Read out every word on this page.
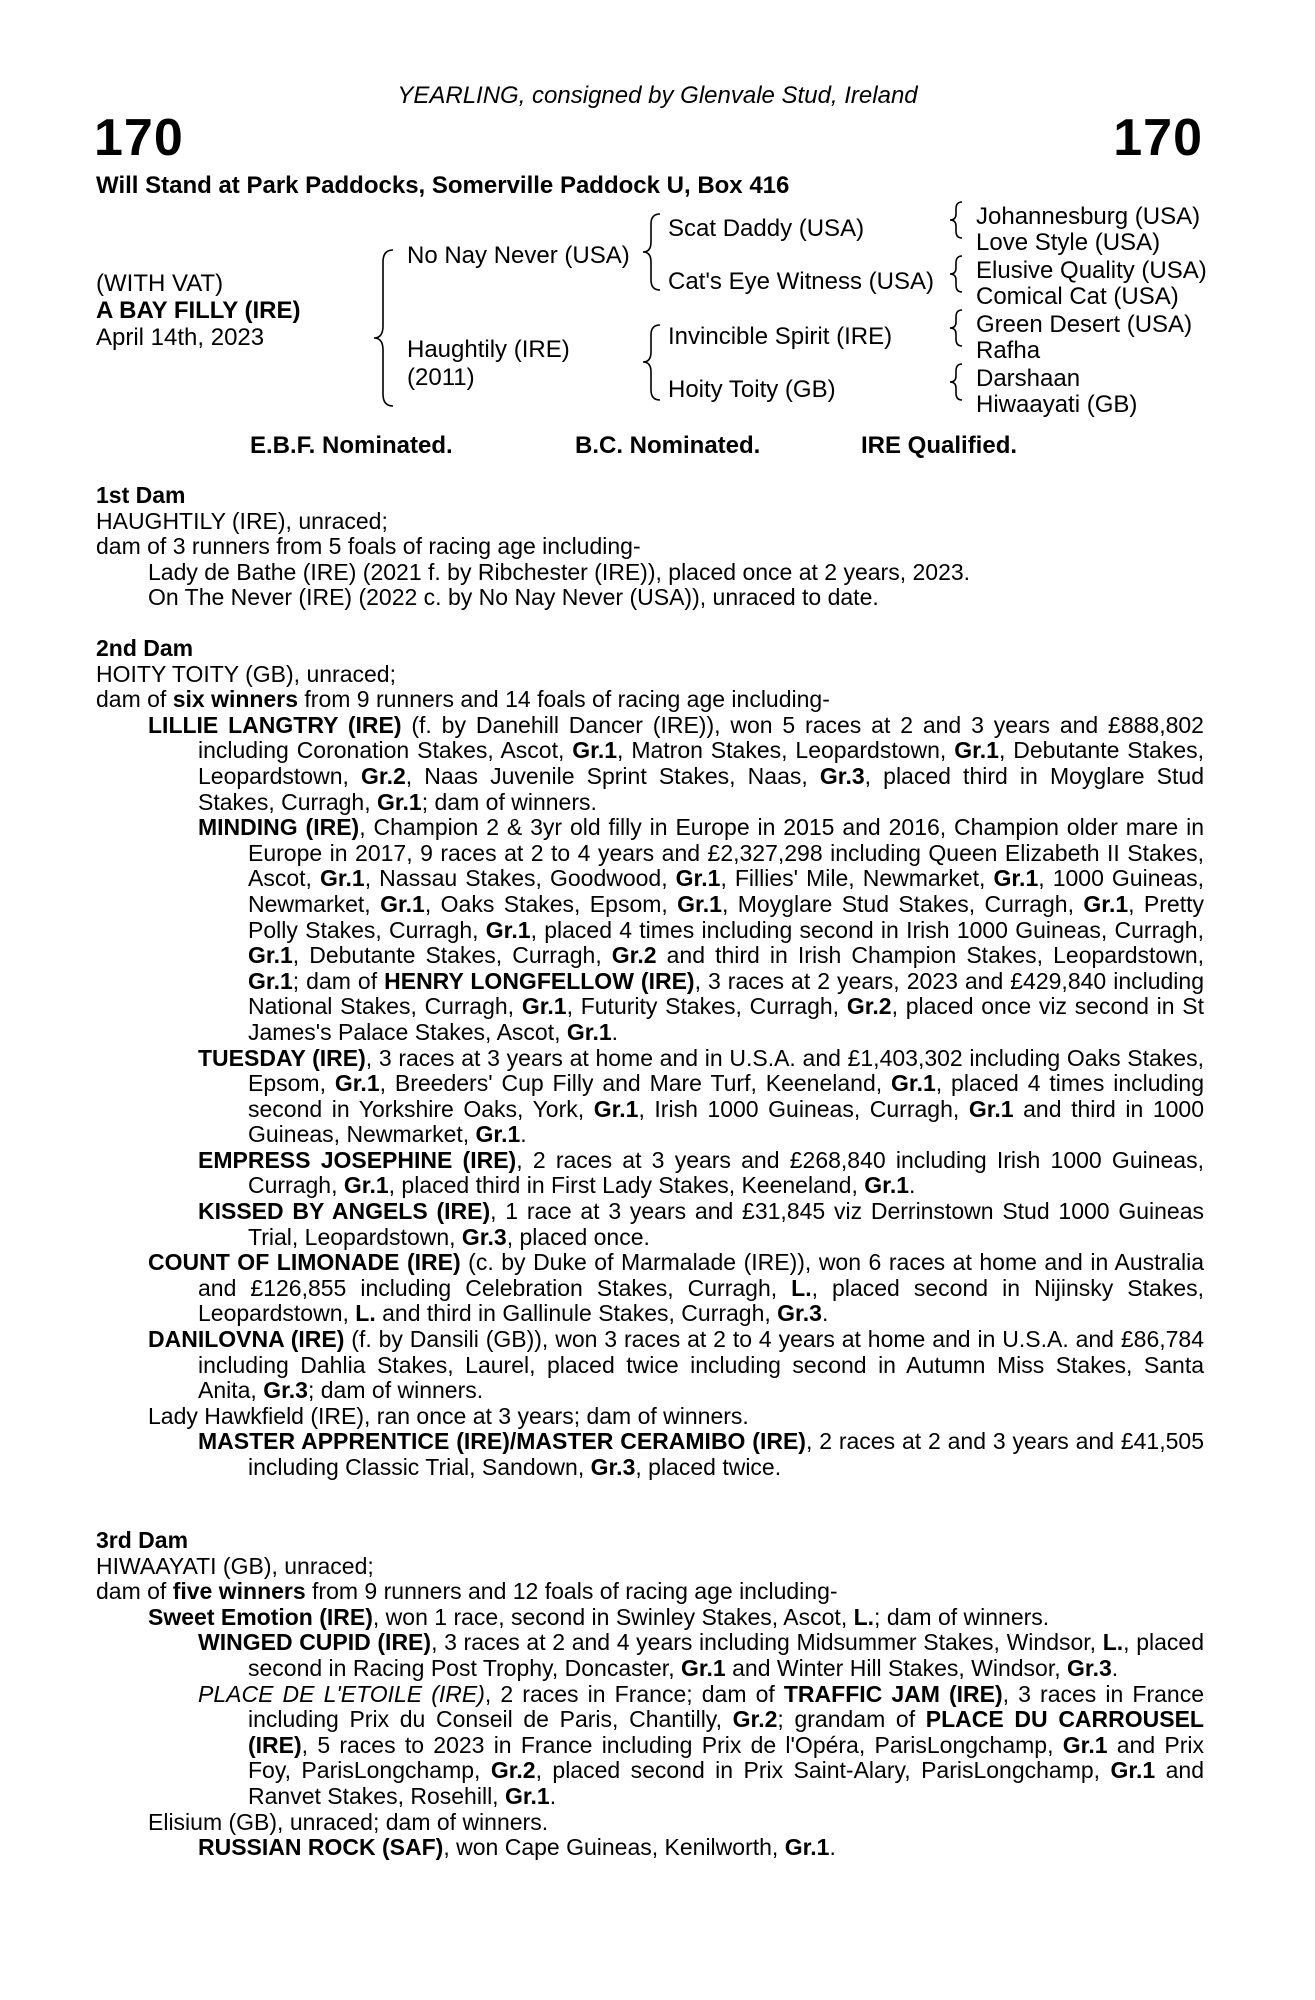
YEARLING, consigned by Glenvale Stud, Ireland
170	170
Will Stand at Park Paddocks, Somerville Paddock U, Box 416
(WITH VAT)
A BAY FILLY (IRE)
April 14th, 2023
No Nay Never (USA)
Haughtily (IRE)
(2011)
Scat Daddy (USA)
Cat's Eye Witness (USA)
Invincible Spirit (IRE)
Hoity Toity (GB)
Johannesburg (USA)
Love Style (USA)
Elusive Quality (USA)
Comical Cat (USA)
Green Desert (USA)
Rafha
Darshaan
Hiwaayati (GB)
E.B.F. Nominated.	B.C. Nominated.	IRE Qualified.

1st Dam

HAUGHTILY (IRE), unraced;

dam of 3 runners from 5 foals of racing age including-

Lady de Bathe (IRE) (2021 f. by Ribchester (IRE)), placed once at 2 years, 2023.

On The Never (IRE) (2022 c. by No Nay Never (USA)), unraced to date.

2nd Dam

HOITY TOITY (GB), unraced;

dam of six winners from 9 runners and 14 foals of racing age including-

LILLIE LANGTRY (IRE) (f. by Danehill Dancer (IRE)), won 5 races at 2 and 3 years and £888,802 including Coronation Stakes, Ascot, Gr.1, Matron Stakes, Leopardstown, Gr.1, Debutante Stakes, Leopardstown, Gr.2, Naas Juvenile Sprint Stakes, Naas, Gr.3, placed third in Moyglare Stud Stakes, Curragh, Gr.1; dam of winners.

MINDING (IRE), Champion 2 & 3yr old filly in Europe in 2015 and 2016, Champion older mare in Europe in 2017, 9 races at 2 to 4 years and £2,327,298 including Queen Elizabeth II Stakes, Ascot, Gr.1, Nassau Stakes, Goodwood, Gr.1, Fillies' Mile, Newmarket, Gr.1, 1000 Guineas, Newmarket, Gr.1, Oaks Stakes, Epsom, Gr.1, Moyglare Stud Stakes, Curragh, Gr.1, Pretty Polly Stakes, Curragh, Gr.1, placed 4 times including second in Irish 1000 Guineas, Curragh, Gr.1, Debutante Stakes, Curragh, Gr.2 and third in Irish Champion Stakes, Leopardstown, Gr.1; dam of HENRY LONGFELLOW (IRE), 3 races at 2 years, 2023 and £429,840 including National Stakes, Curragh, Gr.1, Futurity Stakes, Curragh, Gr.2, placed once viz second in St James's Palace Stakes, Ascot, Gr.1.

TUESDAY (IRE), 3 races at 3 years at home and in U.S.A. and £1,403,302 including Oaks Stakes, Epsom, Gr.1, Breeders' Cup Filly and Mare Turf, Keeneland, Gr.1, placed 4 times including second in Yorkshire Oaks, York, Gr.1, Irish 1000 Guineas, Curragh, Gr.1 and third in 1000 Guineas, Newmarket, Gr.1.

EMPRESS JOSEPHINE (IRE), 2 races at 3 years and £268,840 including Irish 1000 Guineas, Curragh, Gr.1, placed third in First Lady Stakes, Keeneland, Gr.1.

KISSED BY ANGELS (IRE), 1 race at 3 years and £31,845 viz Derrinstown Stud 1000 Guineas Trial, Leopardstown, Gr.3, placed once.

COUNT OF LIMONADE (IRE) (c. by Duke of Marmalade (IRE)), won 6 races at home and in Australia and £126,855 including Celebration Stakes, Curragh, L., placed second in Nijinsky Stakes, Leopardstown, L. and third in Gallinule Stakes, Curragh, Gr.3.

DANILOVNA (IRE) (f. by Dansili (GB)), won 3 races at 2 to 4 years at home and in U.S.A. and £86,784 including Dahlia Stakes, Laurel, placed twice including second in Autumn Miss Stakes, Santa Anita, Gr.3; dam of winners.

Lady Hawkfield (IRE), ran once at 3 years; dam of winners.

MASTER APPRENTICE (IRE)/MASTER CERAMIBO (IRE), 2 races at 2 and 3 years and £41,505 including Classic Trial, Sandown, Gr.3, placed twice.

3rd Dam

HIWAAYATI (GB), unraced;

dam of five winners from 9 runners and 12 foals of racing age including-

Sweet Emotion (IRE), won 1 race, second in Swinley Stakes, Ascot, L.; dam of winners.

WINGED CUPID (IRE), 3 races at 2 and 4 years including Midsummer Stakes, Windsor, L., placed second in Racing Post Trophy, Doncaster, Gr.1 and Winter Hill Stakes, Windsor, Gr.3.

PLACE DE L'ETOILE (IRE), 2 races in France; dam of TRAFFIC JAM (IRE), 3 races in France including Prix du Conseil de Paris, Chantilly, Gr.2; grandam of PLACE DU CARROUSEL (IRE), 5 races to 2023 in France including Prix de l'Opéra, ParisLongchamp, Gr.1 and Prix Foy, ParisLongchamp, Gr.2, placed second in Prix Saint-Alary, ParisLongchamp, Gr.1 and Ranvet Stakes, Rosehill, Gr.1.

Elisium (GB), unraced; dam of winners.

RUSSIAN ROCK (SAF), won Cape Guineas, Kenilworth, Gr.1.
